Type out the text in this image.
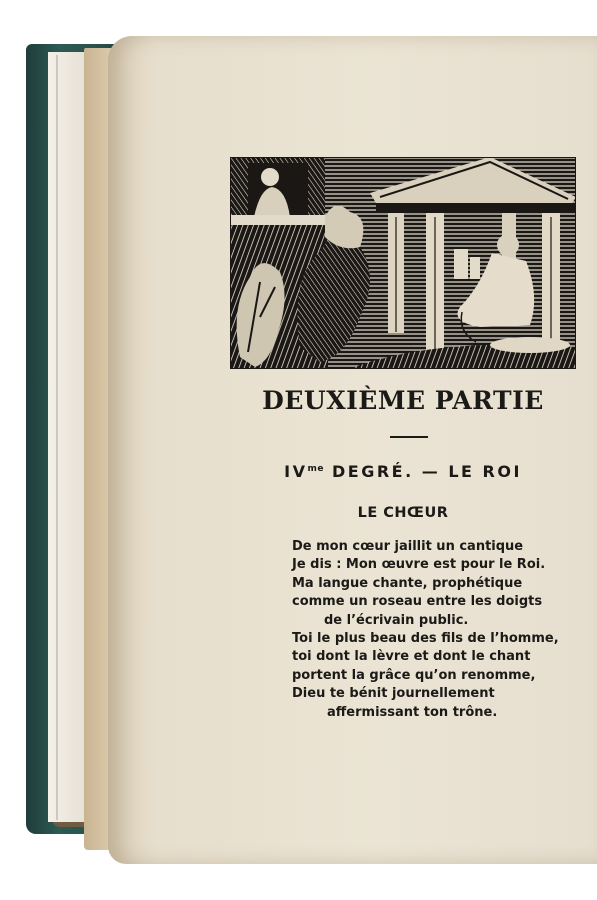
DEUXIÈME PARTIE

$IV^{me}$ DEGRÉ. — LE ROI

LE CHŒUR
De mon cœur jaillit un cantique
Je dis : Mon œuvre est pour le Roi.
Ma langue chante, prophétique
comme un roseau entre les doigts
de l’écrivain public.
Toi le plus beau des fils de l’homme,
toi dont la lèvre et dont le chant
portent la grâce qu’on renomme,
Dieu te bénit journellement
affermissant ton trône.
